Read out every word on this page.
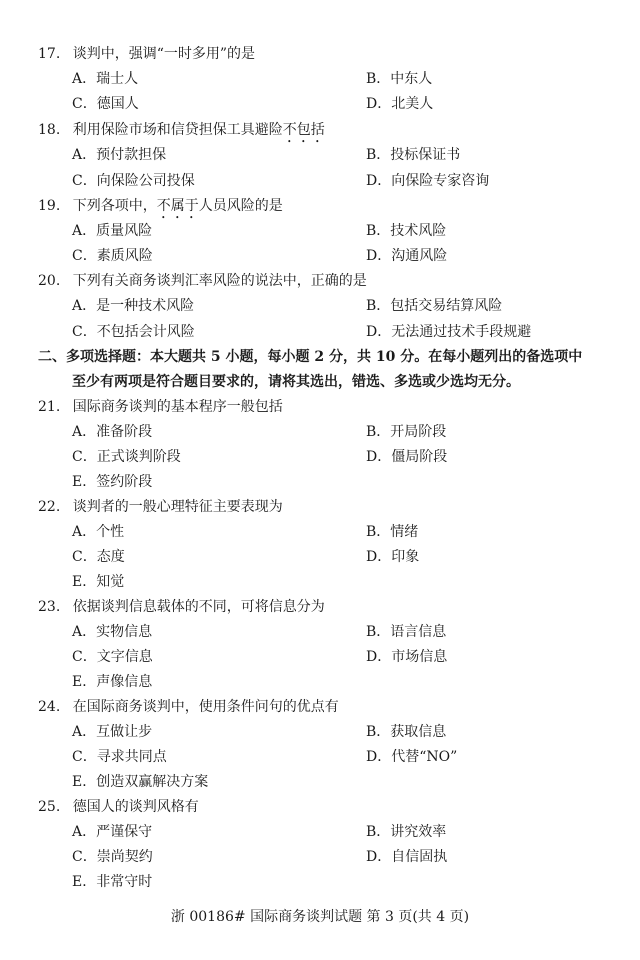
17. 谈判中，强调“一时多用”的是
A．瑞士人	B．中东人
C．德国人	D．北美人
18. 利用保险市场和信贷担保工具避险不包括
A．预付款担保	B．投标保证书
C．向保险公司投保	D．向保险专家咨询
19. 下列各项中，不属于人员风险的是
A．质量风险	B．技术风险
C．素质风险	D．沟通风险
20. 下列有关商务谈判汇率风险的说法中，正确的是
A．是一种技术风险	B．包括交易结算风险
C．不包括会计风险	D．无法通过技术手段规避
二、多项选择题：本大题共 5 小题，每小题 2 分，共 10 分。在每小题列出的备选项中
至少有两项是符合题目要求的，请将其选出，错选、多选或少选均无分。
21. 国际商务谈判的基本程序一般包括
A．准备阶段	B．开局阶段
C．正式谈判阶段	D．僵局阶段
E．签约阶段
22. 谈判者的一般心理特征主要表现为
A．个性	B．情绪
C．态度	D．印象
E．知觉
23. 依据谈判信息载体的不同，可将信息分为
A．实物信息	B．语言信息
C．文字信息	D．市场信息
E．声像信息
24. 在国际商务谈判中，使用条件问句的优点有
A．互做让步	B．获取信息
C．寻求共同点	D．代替“NO”
E．创造双赢解决方案
25. 德国人的谈判风格有
A．严谨保守	B．讲究效率
C．崇尚契约	D．自信固执
E．非常守时
浙 00186# 国际商务谈判试题 第 3 页(共 4 页)
